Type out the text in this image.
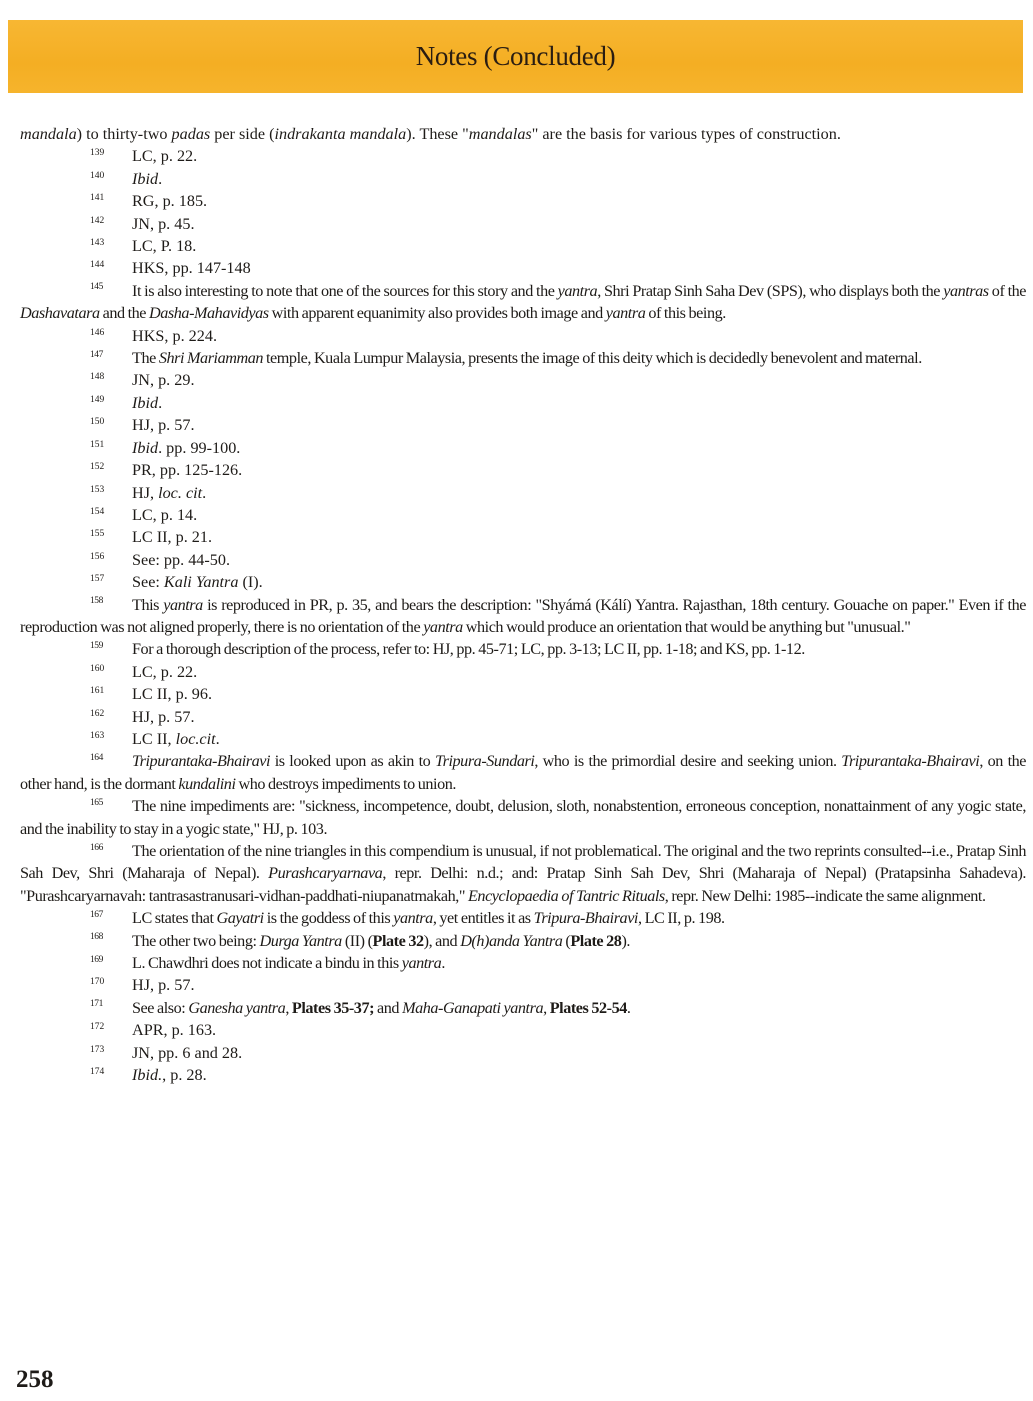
Notes (Concluded)

mandala) to thirty-two padas per side (indrakanta mandala). These "mandalas" are the basis for various types of construction.

139	LC, p. 22.

140	Ibid.

141	RG, p. 185.

142	JN, p. 45.

143	LC, P. 18.

144	HKS, pp. 147-148

145 It is also interesting to note that one of the sources for this story and the yantra, Shri Pratap Sinh Saha Dev (SPS), who displays both the yantras of the Dashavatara and the Dasha-Mahavidyas with apparent equanimity also provides both image and yantra of this being.

146	HKS, p. 224.

147 The Shri Mariamman temple, Kuala Lumpur Malaysia, presents the image of this deity which is decidedly benevolent and maternal.

148	JN, p. 29.

149	Ibid.

150	HJ, p. 57.

151	Ibid. pp. 99-100.

152	PR, pp. 125-126.

153	HJ, loc. cit.

154	LC, p. 14.

155	LC II, p. 21.

156	See: pp. 44-50.

157	See: Kali Yantra (I).

158 This yantra is reproduced in PR, p. 35, and bears the description: "Shyámá (Kálí) Yantra. Rajasthan, 18th century. Gouache on paper." Even if the reproduction was not aligned properly, there is no orientation of the yantra which would produce an orientation that would be anything but "unusual."

159 For a thorough description of the process, refer to: HJ, pp. 45-71; LC, pp. 3-13; LC II, pp. 1-18; and KS, pp. 1-12.

160	LC, p. 22.

161	LC II, p. 96.

162	HJ, p. 57.

163	LC II, loc.cit.

164 Tripurantaka-Bhairavi is looked upon as akin to Tripura-Sundari, who is the primordial desire and seeking union. Tripurantaka-Bhairavi, on the other hand, is the dormant kundalini who destroys impediments to union.

165 The nine impediments are: "sickness, incompetence, doubt, delusion, sloth, nonabstention, erroneous conception, nonattainment of any yogic state, and the inability to stay in a yogic state," HJ, p. 103.

166 The orientation of the nine triangles in this compendium is unusual, if not problematical. The original and the two reprints consulted--i.e., Pratap Sinh Sah Dev, Shri (Maharaja of Nepal). Purashcaryarnava, repr. Delhi: n.d.; and: Pratap Sinh Sah Dev, Shri (Maharaja of Nepal) (Pratapsinha Sahadeva). "Purashcaryarnavah: tantrasastranusari-vidhan-paddhati-niupanatmakah," Encyclopaedia of Tantric Rituals, repr. New Delhi: 1985--indicate the same alignment.

167 LC states that Gayatri is the goddess of this yantra, yet entitles it as Tripura-Bhairavi, LC II, p. 198.

168 The other two being: Durga Yantra (II) (Plate 32), and D(h)anda Yantra (Plate 28).

169 L. Chawdhri does not indicate a bindu in this yantra.

170	HJ, p. 57.

171 See also: Ganesha yantra, Plates 35-37; and Maha-Ganapati yantra, Plates 52-54.

172	APR, p. 163.

173	JN, pp. 6 and 28.

174	Ibid., p. 28.

258
